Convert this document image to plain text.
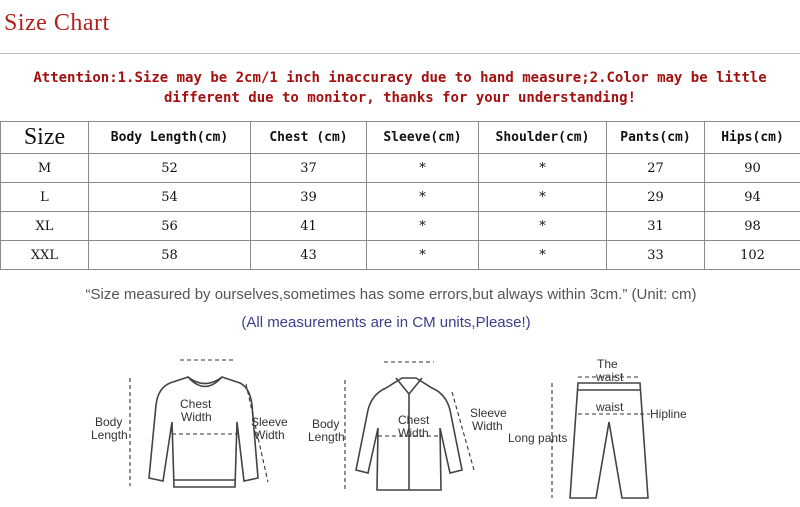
Size Chart
Attention:1.Size may be 2cm/1 inch inaccuracy due to hand measure;2.Color may be little different due to monitor, thanks for your understanding!
Size	Body Length(cm)	Chest (cm)	Sleeve(cm)	Shoulder(cm)	Pants(cm)	Hips(cm)
M	52	37	*	*	27	90
L	54	39	*	*	29	94
XL	56	41	*	*	31	98
XXL	58	43	*	*	33	102
“Size measured by ourselves,sometimes has some errors,but always within 3cm.” (Unit: cm)
(All measurements are in CM units,Please!)
Chest
Width
Body
Length
Sleeve
Width
Chest
Width
Body
Length
Sleeve
Width
The
waist
waist Hipline
Long pants
